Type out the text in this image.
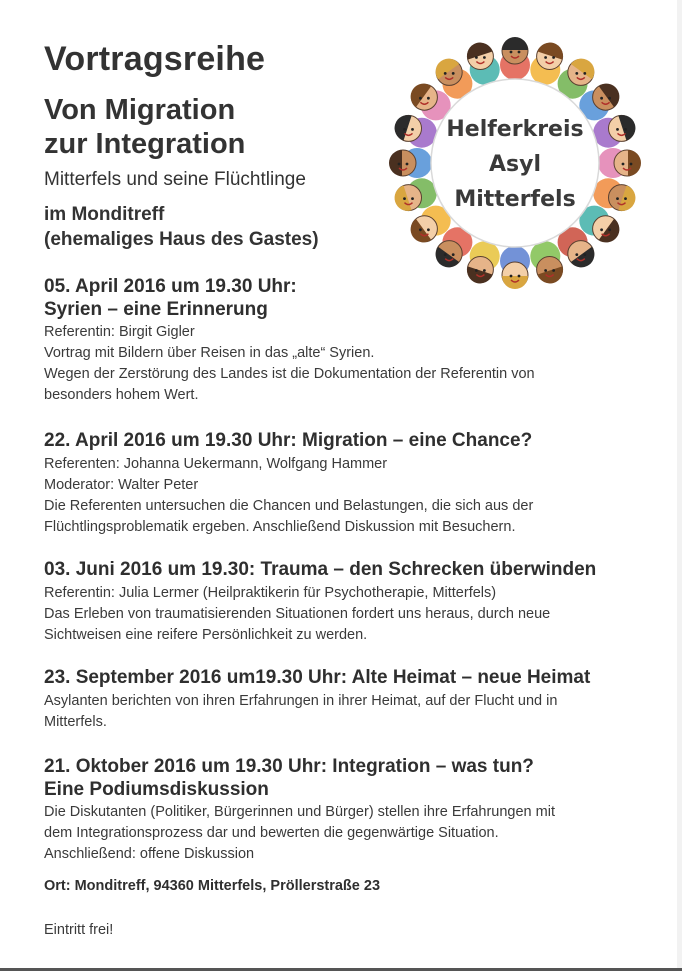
Vortragsreihe
Von Migration
zur Integration

Mitterfels und seine Flüchtlinge

im Monditreff
(ehemaliges Haus des Gastes)

Helferkreis
Asyl
Mitterfels

05. April 2016 um 19.30 Uhr:
Syrien – eine Erinnerung

Referentin: Birgit Gigler

Vortrag mit Bildern über Reisen in das „alte“ Syrien.

Wegen der Zerstörung des Landes ist die Dokumentation der Referentin von

besonders hohem Wert.

22. April 2016 um 19.30 Uhr: Migration – eine Chance?

Referenten: Johanna Uekermann, Wolfgang Hammer

Moderator: Walter Peter

Die Referenten untersuchen die Chancen und Belastungen, die sich aus der

Flüchtlingsproblematik ergeben. Anschließend Diskussion mit Besuchern.

03. Juni 2016 um 19.30: Trauma – den Schrecken überwinden

Referentin: Julia Lermer (Heilpraktikerin für Psychotherapie, Mitterfels)

Das Erleben von traumatisierenden Situationen fordert uns heraus, durch neue

Sichtweisen eine reifere Persönlichkeit zu werden.

23. September 2016 um19.30 Uhr: Alte Heimat – neue Heimat

Asylanten berichten von ihren Erfahrungen in ihrer Heimat, auf der Flucht und in

Mitterfels.

21. Oktober 2016 um 19.30 Uhr: Integration – was tun?
Eine Podiumsdiskussion

Die Diskutanten (Politiker, Bürgerinnen und Bürger) stellen ihre Erfahrungen mit

dem Integrationsprozess dar und bewerten die gegenwärtige Situation.

Anschließend: offene Diskussion

Ort: Monditreff, 94360 Mitterfels, Pröllerstraße 23

Eintritt frei!
